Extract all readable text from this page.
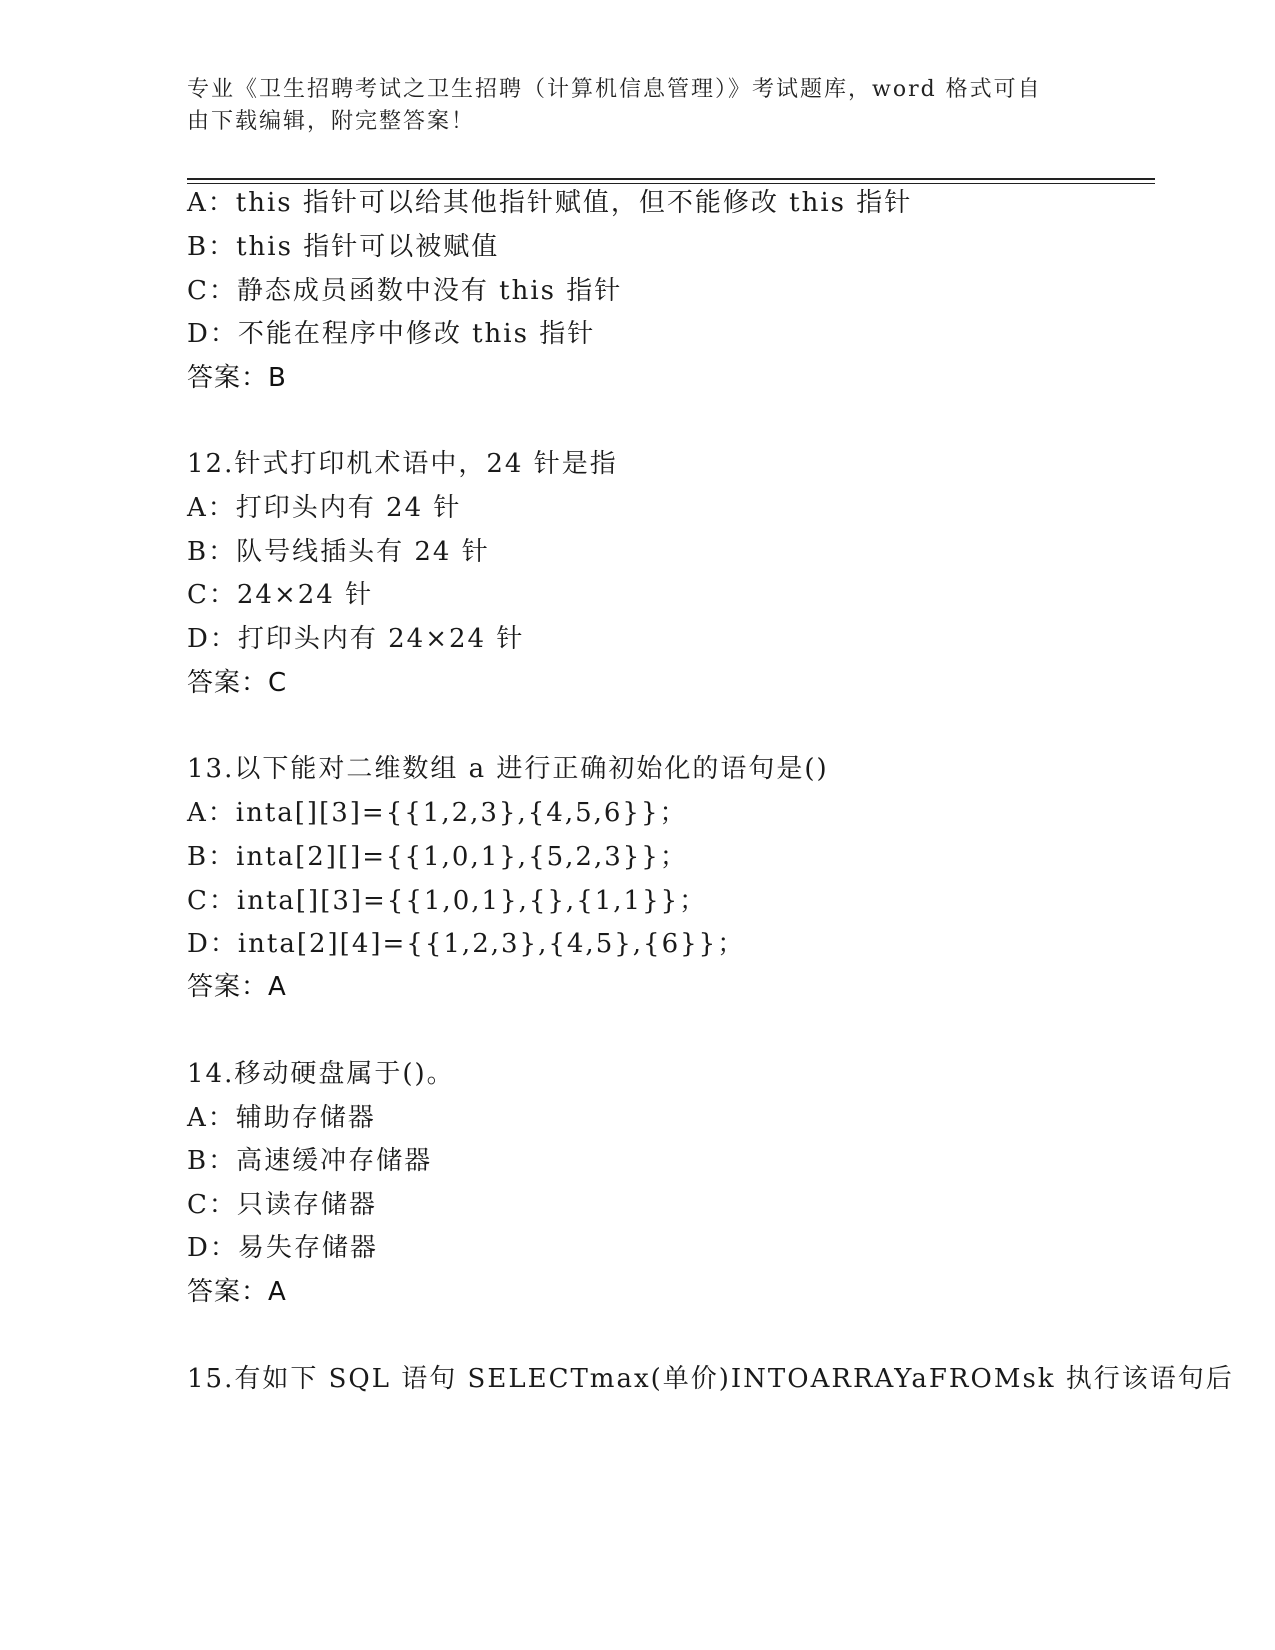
专业《卫生招聘考试之卫生招聘（计算机信息管理）》考试题库，word 格式可自
由下载编辑，附完整答案！
A：this 指针可以给其他指针赋值，但不能修改 this 指针
B：this 指针可以被赋值
C：静态成员函数中没有 this 指针
D：不能在程序中修改 this 指针
答案：B
12.针式打印机术语中，24 针是指
A：打印头内有 24 针
B：队号线插头有 24 针
C：24×24 针
D：打印头内有 24×24 针
答案：C
13.以下能对二维数组 a 进行正确初始化的语句是()
A：inta[][3]={{1,2,3},{4,5,6}}；
B：inta[2][]={{1,0,1},{5,2,3}}；
C：inta[][3]={{1,0,1},{},{1,1}}；
D：inta[2][4]={{1,2,3},{4,5},{6}}；
答案：A
14.移动硬盘属于()。
A：辅助存储器
B：高速缓冲存储器
C：只读存储器
D：易失存储器
答案：A
15.有如下 SQL 语句 SELECTmax(单价)INTOARRAYaFROMsk 执行该语句后
